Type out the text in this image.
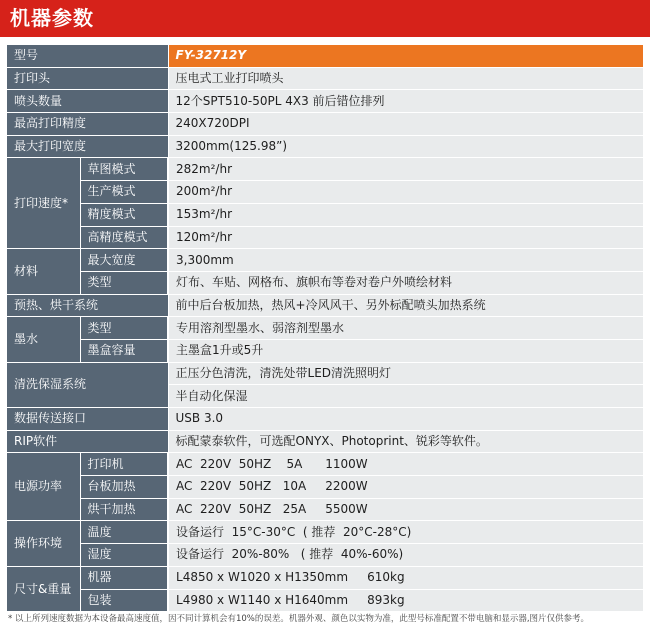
机器参数
型号		FY-32712Y
打印头		压电式工业打印喷头
喷头数量		12个SPT510-50PL 4X3 前后错位排列
最高打印精度		240X720DPI
最大打印宽度		3200mm(125.98”)
打印速度*	草图模式	282m²/hr
	生产模式	200m²/hr
	精度模式	153m²/hr
	高精度模式	120m²/hr
材料	最大宽度	3,300mm
	类型	灯布、车贴、网格布、旗帜布等卷对卷户外喷绘材料
预热、烘干系统		前中后台板加热，热风+冷风风干、另外标配喷头加热系统
墨水	类型	专用溶剂型墨水、弱溶剂型墨水
	墨盒容量	主墨盒1升或5升
清洗保湿系统		正压分色清洗，清洗处带LED清洗照明灯
		半自动化保湿
数据传送接口		USB 3.0
RIP软件		标配蒙泰软件，可选配ONYX、Photoprint、锐彩等软件。
电源功率	打印机	AC  220V  50HZ    5A      1100W
	台板加热	AC  220V  50HZ   10A     2200W
	烘干加热	AC  220V  50HZ   25A     5500W
操作环境	温度	设备运行  15°C-30°C  ( 推荐  20°C-28°C)
	湿度	设备运行  20%-80%   ( 推荐  40%-60%)
尺寸&重量	机器	L4850 x W1020 x H1350mm     610kg
	包装	L4980 x W1140 x H1640mm     893kg
* 以上所列速度数据为本设备最高速度值，因不同计算机会有10%的误差。机器外观、颜色以实物为准，此型号标准配置不带电脑和显示器,图片仅供参考。
